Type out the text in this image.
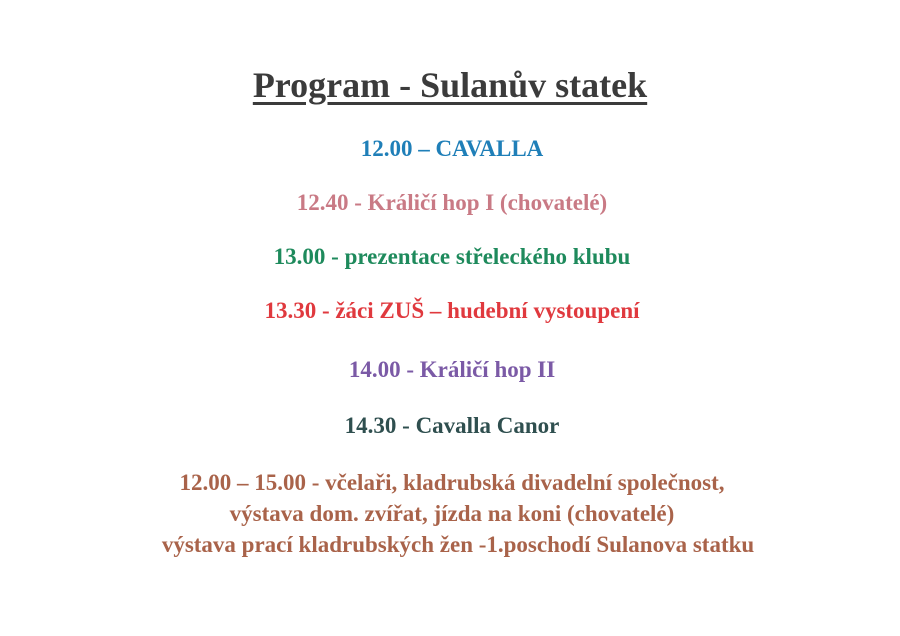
Program - Sulanův statek
12.00 – CAVALLA
12.40 - Králičí hop I (chovatelé)
13.00 - prezentace střeleckého klubu
13.30 - žáci ZUŠ – hudební vystoupení
14.00 - Králičí hop II
14.30 - Cavalla Canor
12.00 – 15.00 - včelaři, kladrubská divadelní společnost,
výstava dom. zvířat, jízda na koni (chovatelé)
výstava prací kladrubských žen -1.poschodí Sulanova statku
